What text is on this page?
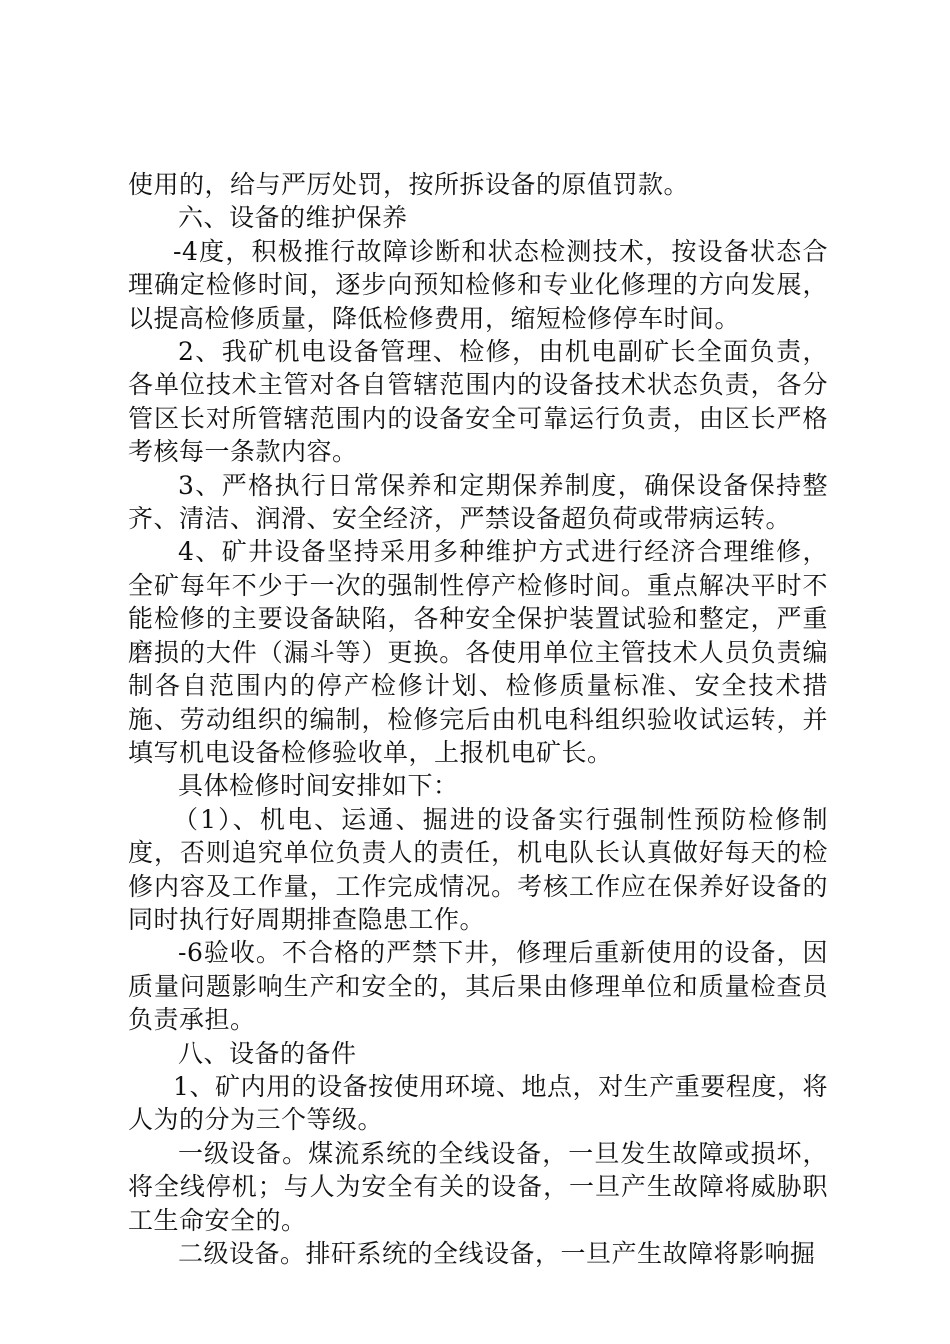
使用的，给与严厉处罚，按所拆设备的原值罚款。

六、设备的维护保养

-4度，积极推行故障诊断和状态检测技术，按设备状态合理确定检修时间，逐步向预知检修和专业化修理的方向发展，以提高检修质量，降低检修费用，缩短检修停车时间。

2、我矿机电设备管理、检修，由机电副矿长全面负责，各单位技术主管对各自管辖范围内的设备技术状态负责，各分管区长对所管辖范围内的设备安全可靠运行负责，由区长严格考核每一条款内容。

3、严格执行日常保养和定期保养制度，确保设备保持整齐、清洁、润滑、安全经济，严禁设备超负荷或带病运转。

4、矿井设备坚持采用多种维护方式进行经济合理维修，全矿每年不少于一次的强制性停产检修时间。重点解决平时不能检修的主要设备缺陷，各种安全保护装置试验和整定，严重磨损的大件（漏斗等）更换。各使用单位主管技术人员负责编制各自范围内的停产检修计划、检修质量标准、安全技术措施、劳动组织的编制，检修完后由机电科组织验收试运转，并填写机电设备检修验收单，上报机电矿长。

具体检修时间安排如下：

（1）、机电、运通、掘进的设备实行强制性预防检修制度，否则追究单位负责人的责任，机电队长认真做好每天的检修内容及工作量，工作完成情况。考核工作应在保养好设备的同时执行好周期排查隐患工作。

-6验收。不合格的严禁下井，修理后重新使用的设备，因质量问题影响生产和安全的，其后果由修理单位和质量检查员负责承担。

八、设备的备件

1、矿内用的设备按使用环境、地点，对生产重要程度，将人为的分为三个等级。

一级设备。煤流系统的全线设备，一旦发生故障或损坏，将全线停机；与人为安全有关的设备，一旦产生故障将威胁职工生命安全的。

二级设备。排矸系统的全线设备，一旦产生故障将影响掘
